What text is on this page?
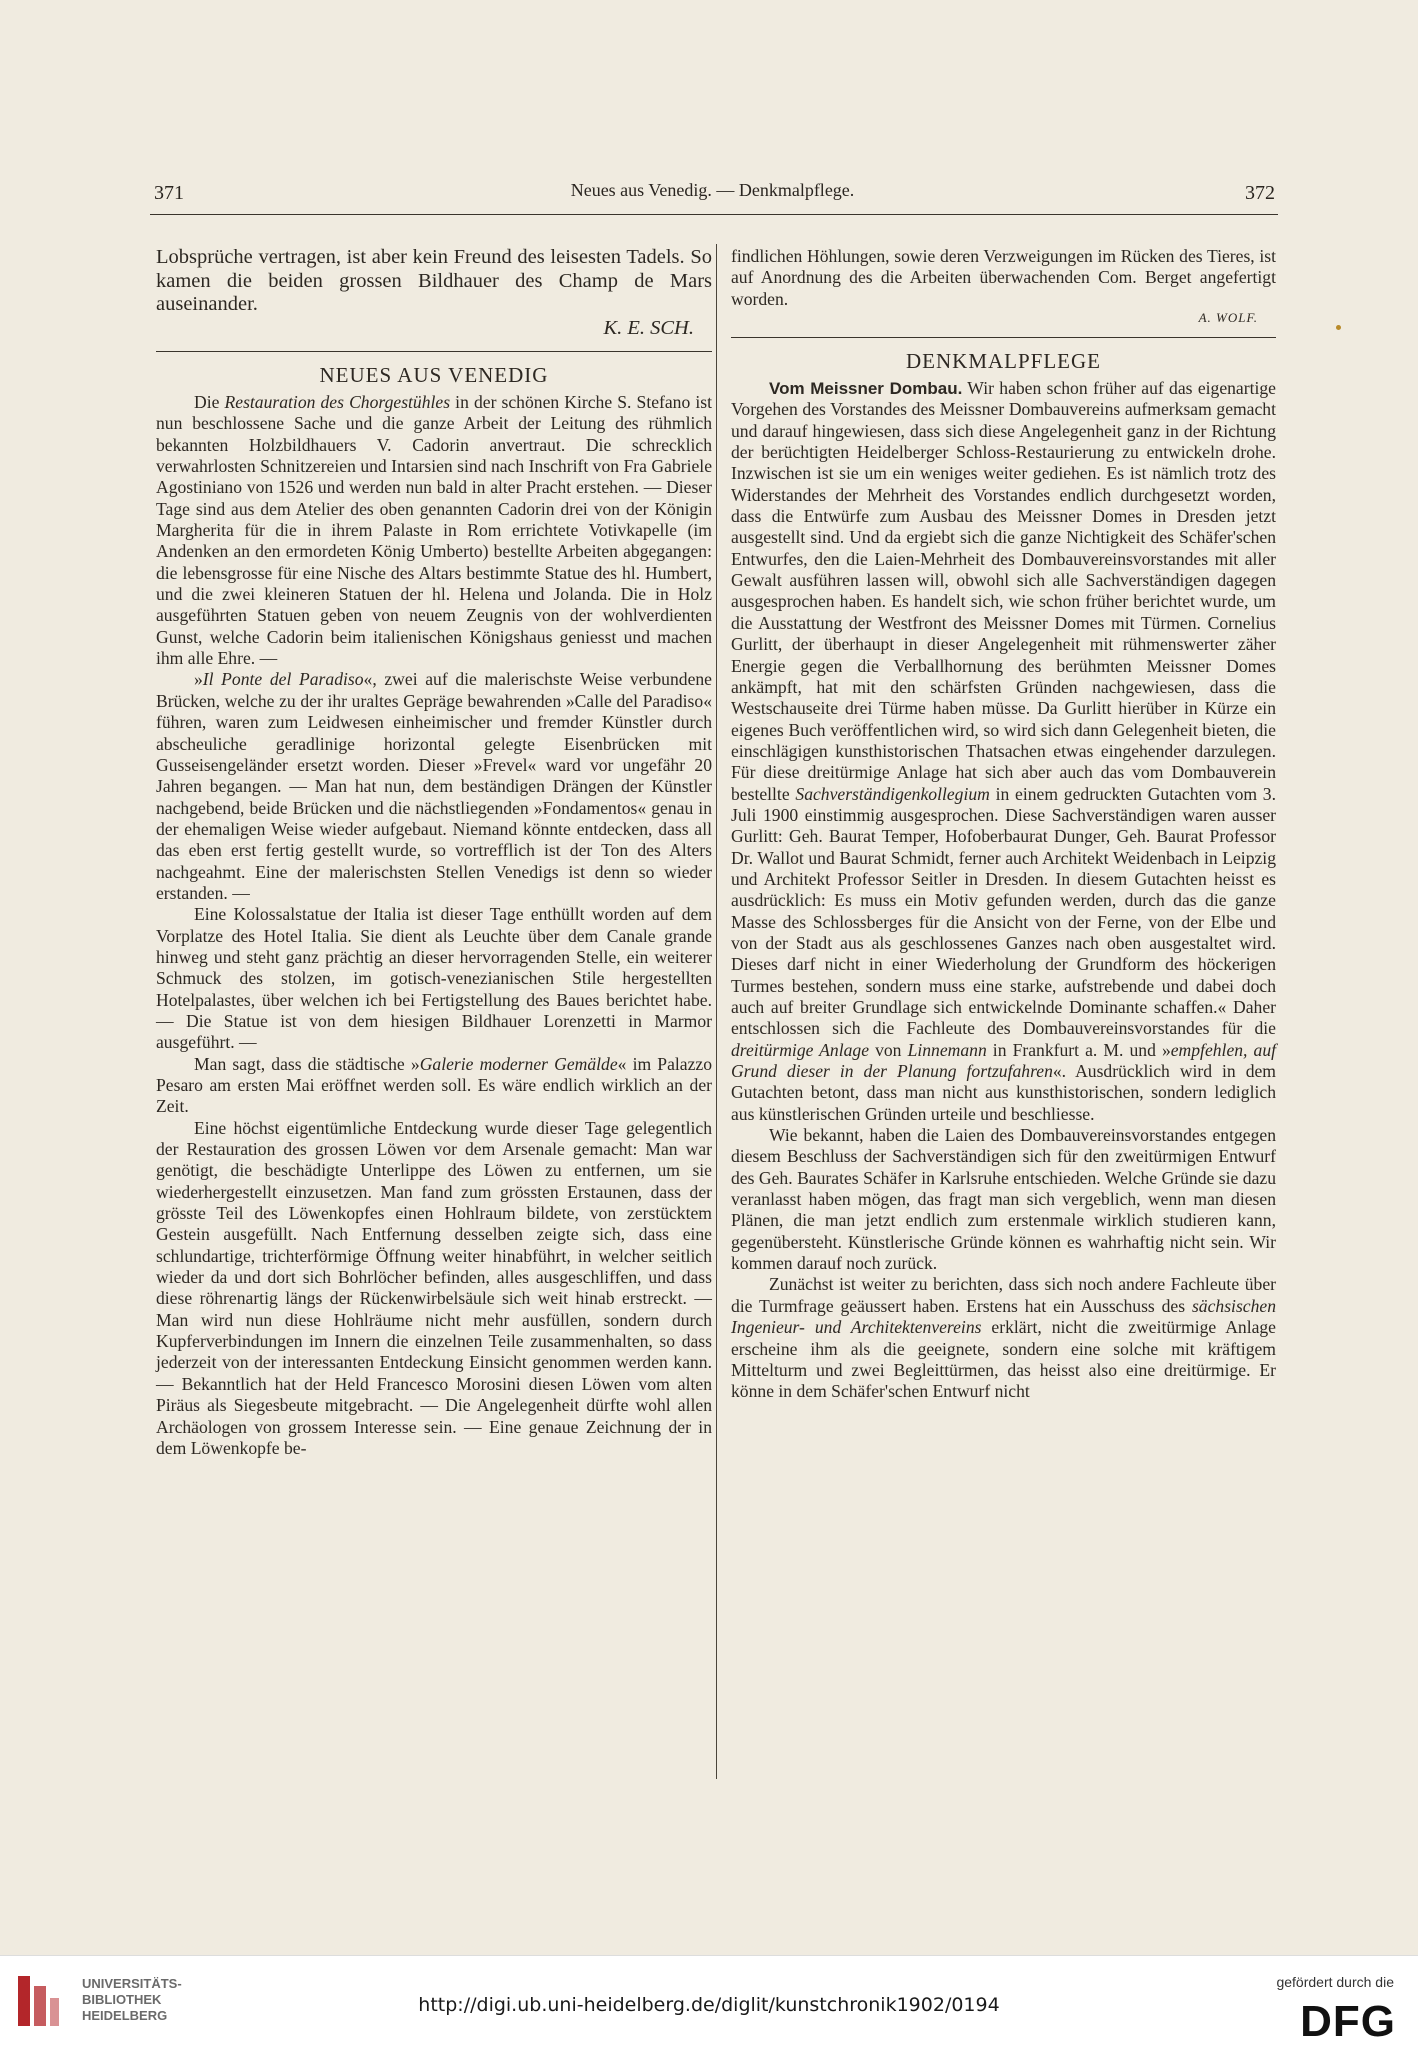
371	Neues aus Venedig. — Denkmalpflege.	372

Lobsprüche vertragen, ist aber kein Freund des leisesten Tadels. So kamen die beiden grossen Bildhauer des Champ de Mars auseinander.

K. E. SCH.
NEUES AUS VENEDIG

Die Restauration des Chorgestühles in der schönen Kirche S. Stefano ist nun beschlossene Sache und die ganze Arbeit der Leitung des rühmlich bekannten Holzbildhauers V. Cadorin anvertraut. Die schrecklich verwahrlosten Schnitzereien und Intarsien sind nach Inschrift von Fra Gabriele Agostiniano von 1526 und werden nun bald in alter Pracht erstehen. — Dieser Tage sind aus dem Atelier des oben genannten Cadorin drei von der Königin Margherita für die in ihrem Palaste in Rom errichtete Votivkapelle (im Andenken an den ermordeten König Umberto) bestellte Arbeiten abgegangen: die lebensgrosse für eine Nische des Altars bestimmte Statue des hl. Humbert, und die zwei kleineren Statuen der hl. Helena und Jolanda. Die in Holz ausgeführten Statuen geben von neuem Zeugnis von der wohlverdienten Gunst, welche Cadorin beim italienischen Königshaus geniesst und machen ihm alle Ehre. —

»Il Ponte del Paradiso«, zwei auf die malerischste Weise verbundene Brücken, welche zu der ihr uraltes Gepräge bewahrenden »Calle del Paradiso« führen, waren zum Leidwesen einheimischer und fremder Künstler durch abscheuliche geradlinige horizontal gelegte Eisenbrücken mit Gusseisengeländer ersetzt worden. Dieser »Frevel« ward vor ungefähr 20 Jahren begangen. — Man hat nun, dem beständigen Drängen der Künstler nachgebend, beide Brücken und die nächstliegenden »Fondamentos« genau in der ehemaligen Weise wieder aufgebaut. Niemand könnte entdecken, dass all das eben erst fertig gestellt wurde, so vortrefflich ist der Ton des Alters nachgeahmt. Eine der malerischsten Stellen Venedigs ist denn so wieder erstanden. —

Eine Kolossalstatue der Italia ist dieser Tage enthüllt worden auf dem Vorplatze des Hotel Italia. Sie dient als Leuchte über dem Canale grande hinweg und steht ganz prächtig an dieser hervorragenden Stelle, ein weiterer Schmuck des stolzen, im gotisch-venezianischen Stile hergestellten Hotelpalastes, über welchen ich bei Fertigstellung des Baues berichtet habe. — Die Statue ist von dem hiesigen Bildhauer Lorenzetti in Marmor ausgeführt. —

Man sagt, dass die städtische »Galerie moderner Gemälde« im Palazzo Pesaro am ersten Mai eröffnet werden soll. Es wäre endlich wirklich an der Zeit.

Eine höchst eigentümliche Entdeckung wurde dieser Tage gelegentlich der Restauration des grossen Löwen vor dem Arsenale gemacht: Man war genötigt, die beschädigte Unterlippe des Löwen zu entfernen, um sie wiederhergestellt einzusetzen. Man fand zum grössten Erstaunen, dass der grösste Teil des Löwenkopfes einen Hohlraum bildete, von zerstücktem Gestein ausgefüllt. Nach Entfernung desselben zeigte sich, dass eine schlundartige, trichterförmige Öffnung weiter hinabführt, in welcher seitlich wieder da und dort sich Bohrlöcher befinden, alles ausgeschliffen, und dass diese röhrenartig längs der Rückenwirbelsäule sich weit hinab erstreckt. — Man wird nun diese Hohlräume nicht mehr ausfüllen, sondern durch Kupferverbindungen im Innern die einzelnen Teile zusammenhalten, so dass jederzeit von der interessanten Entdeckung Einsicht genommen werden kann. — Bekanntlich hat der Held Francesco Morosini diesen Löwen vom alten Piräus als Siegesbeute mitgebracht. — Die Angelegenheit dürfte wohl allen Archäologen von grossem Interesse sein. — Eine genaue Zeichnung der in dem Löwenkopfe be-

findlichen Höhlungen, sowie deren Verzweigungen im Rücken des Tieres, ist auf Anordnung des die Arbeiten überwachenden Com. Berget angefertigt worden.

A. WOLF.
DENKMALPFLEGE

Vom Meissner Dombau. Wir haben schon früher auf das eigenartige Vorgehen des Vorstandes des Meissner Dombauvereins aufmerksam gemacht und darauf hingewiesen, dass sich diese Angelegenheit ganz in der Richtung der berüchtigten Heidelberger Schloss-Restaurierung zu entwickeln drohe. Inzwischen ist sie um ein weniges weiter gediehen. Es ist nämlich trotz des Widerstandes der Mehrheit des Vorstandes endlich durchgesetzt worden, dass die Entwürfe zum Ausbau des Meissner Domes in Dresden jetzt ausgestellt sind. Und da ergiebt sich die ganze Nichtigkeit des Schäfer'schen Entwurfes, den die Laien-Mehrheit des Dombauvereinsvorstandes mit aller Gewalt ausführen lassen will, obwohl sich alle Sachverständigen dagegen ausgesprochen haben. Es handelt sich, wie schon früher berichtet wurde, um die Ausstattung der Westfront des Meissner Domes mit Türmen. Cornelius Gurlitt, der überhaupt in dieser Angelegenheit mit rühmenswerter zäher Energie gegen die Verballhornung des berühmten Meissner Domes ankämpft, hat mit den schärfsten Gründen nachgewiesen, dass die Westschauseite drei Türme haben müsse. Da Gurlitt hierüber in Kürze ein eigenes Buch veröffentlichen wird, so wird sich dann Gelegenheit bieten, die einschlägigen kunsthistorischen Thatsachen etwas eingehender darzulegen. Für diese dreitürmige Anlage hat sich aber auch das vom Dombauverein bestellte Sachverständigenkollegium in einem gedruckten Gutachten vom 3. Juli 1900 einstimmig ausgesprochen. Diese Sachverständigen waren ausser Gurlitt: Geh. Baurat Temper, Hofoberbaurat Dunger, Geh. Baurat Professor Dr. Wallot und Baurat Schmidt, ferner auch Architekt Weidenbach in Leipzig und Architekt Professor Seitler in Dresden. In diesem Gutachten heisst es ausdrücklich: Es muss ein Motiv gefunden werden, durch das die ganze Masse des Schlossberges für die Ansicht von der Ferne, von der Elbe und von der Stadt aus als geschlossenes Ganzes nach oben ausgestaltet wird. Dieses darf nicht in einer Wiederholung der Grundform des höckerigen Turmes bestehen, sondern muss eine starke, aufstrebende und dabei doch auch auf breiter Grundlage sich entwickelnde Dominante schaffen.« Daher entschlossen sich die Fachleute des Dombauvereinsvorstandes für die dreitürmige Anlage von Linnemann in Frankfurt a. M. und »empfehlen, auf Grund dieser in der Planung fortzufahren«. Ausdrücklich wird in dem Gutachten betont, dass man nicht aus kunsthistorischen, sondern lediglich aus künstlerischen Gründen urteile und beschliesse.

Wie bekannt, haben die Laien des Dombauvereinsvorstandes entgegen diesem Beschluss der Sachverständigen sich für den zweitürmigen Entwurf des Geh. Baurates Schäfer in Karlsruhe entschieden. Welche Gründe sie dazu veranlasst haben mögen, das fragt man sich vergeblich, wenn man diesen Plänen, die man jetzt endlich zum erstenmale wirklich studieren kann, gegenübersteht. Künstlerische Gründe können es wahrhaftig nicht sein. Wir kommen darauf noch zurück.

Zunächst ist weiter zu berichten, dass sich noch andere Fachleute über die Turmfrage geäussert haben. Erstens hat ein Ausschuss des sächsischen Ingenieur- und Architektenvereins erklärt, nicht die zweitürmige Anlage erscheine ihm als die geeignete, sondern eine solche mit kräftigem Mittelturm und zwei Begleittürmen, das heisst also eine dreitürmige. Er könne in dem Schäfer'schen Entwurf nicht

UNIVERSITÄTS-
BIBLIOTHEK
HEIDELBERG	http://digi.ub.uni-heidelberg.de/diglit/kunstchronik1902/0194
gefördert durch die
DFG
